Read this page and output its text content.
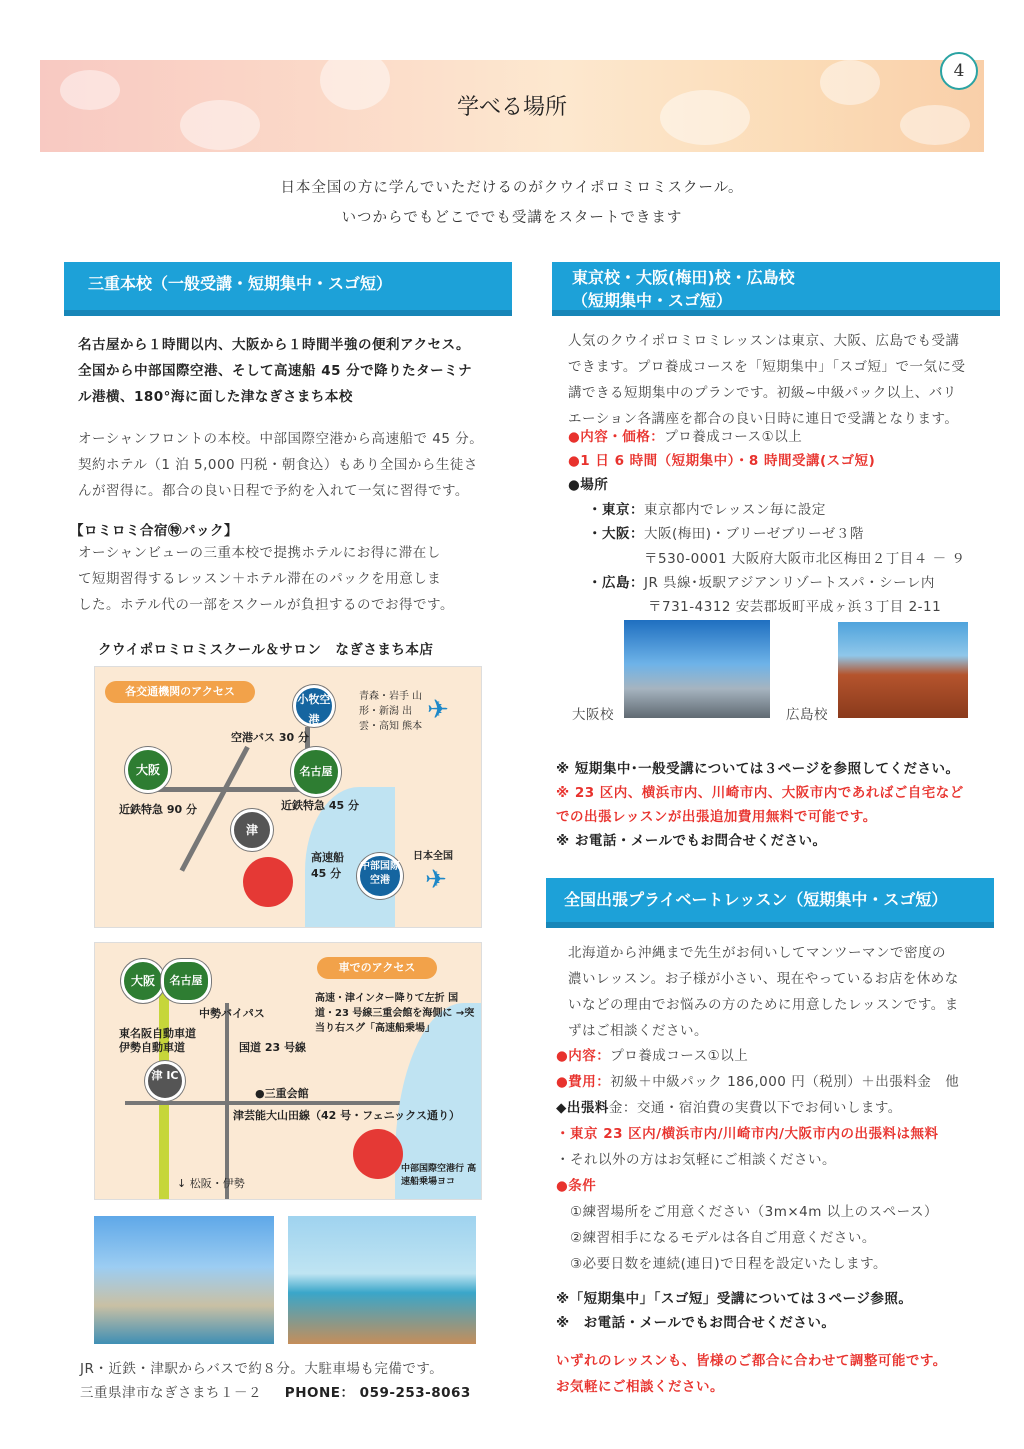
学べる場所
4
日本全国の方に学んでいただけるのがクウイポロミロミスクール。
いつからでもどこででも受講をスタートできます
三重本校（一般受講・短期集中・スゴ短）
名古屋から１時間以内、大阪から１時間半強の便利アクセス。
全国から中部国際空港、そして高速船 45 分で降りたターミナ
ル港横、180°海に面した津なぎさまち本校
オーシャンフロントの本校。中部国際空港から高速船で 45 分。
契約ホテル（1 泊 5,000 円税・朝食込）もあり全国から生徒さ
んが習得に。都合の良い日程で予約を入れて一気に習得です。
【ロミロミ合宿㊕パック】
オーシャンビューの三重本校で提携ホテルにお得に滞在し
て短期習得するレッスン＋ホテル滞在のパックを用意しま
した。ホテル代の一部をスクールが負担するのでお得です。
クウイポロミロミスクール＆サロン　なぎさまち本店
各交通機関のアクセス
小牧空港
大阪	名古屋
津
中部国際空港
空港バス 30 分
近鉄特急 90 分	近鉄特急 45 分
高速船 45 分
青森・岩手 山形・新潟 出雲・高知 熊本
日本全国
✈
✈
車でのアクセス
大阪	名古屋
津 IC
中勢バイパス
東名阪自動車道
伊勢自動車道	国道 23 号線
高速・津インター降りて左折 国道・23 号線三重会館を海側に →突当り右スグ「高速船乗場」
●三重会館
津芸能大山田線（42 号・フェニックス通り）
↓ 松阪・伊勢
中部国際空港行 高速船乗場ヨコ
JR・近鉄・津駅からバスで約８分。大駐車場も完備です。
三重県津市なぎさまち１－２ PHONE： 059-253-8063
東京校・大阪(梅田)校・広島校
（短期集中・スゴ短）
人気のクウイポロミロミレッスンは東京、大阪、広島でも受講
できます。プロ養成コースを「短期集中」「スゴ短」で一気に受
講できる短期集中のプランです。初級~中級パック以上、バリ
エーション各講座を都合の良い日時に連日で受講となります。
●内容・価格：プロ養成コース①以上
●1 日 6 時間（短期集中）・8 時間受講(スゴ短)
●場所
・東京：東京都内でレッスン毎に設定
・大阪：大阪(梅田)・ブリーゼブリーゼ３階
〒530-0001 大阪府大阪市北区梅田２丁目４ － ９
・広島：JR 呉線･坂駅アジアンリゾートスパ・シーレ内
〒731-4312 安芸郡坂町平成ヶ浜３丁目 2-11
大阪校	広島校
※ 短期集中･一般受講については３ページを参照してください。
※ 23 区内、横浜市内、川崎市内、大阪市内であればご自宅など
での出張レッスンが出張追加費用無料で可能です。
※ お電話・メールでもお問合せください。
全国出張プライベートレッスン（短期集中・スゴ短）
北海道から沖縄まで先生がお伺いしてマンツーマンで密度の
濃いレッスン。お子様が小さい、現在やっているお店を休めな
いなどの理由でお悩みの方のために用意したレッスンです。ま
ずはご相談ください。
●内容：プロ養成コース①以上
●費用：初級＋中級パック 186,000 円（税別）＋出張料金　他
◆出張料金：交通・宿泊費の実費以下でお伺いします。
・東京 23 区内/横浜市内/川崎市内/大阪市内の出張料は無料
・それ以外の方はお気軽にご相談ください。
●条件
①練習場所をご用意ください（3m×4m 以上のスペース）
②練習相手になるモデルは各自ご用意ください。
③必要日数を連続(連日)で日程を設定いたします。
※「短期集中」「スゴ短」受講については３ページ参照。
※　お電話・メールでもお問合せください。
いずれのレッスンも、皆様のご都合に合わせて調整可能です。
お気軽にご相談ください。
